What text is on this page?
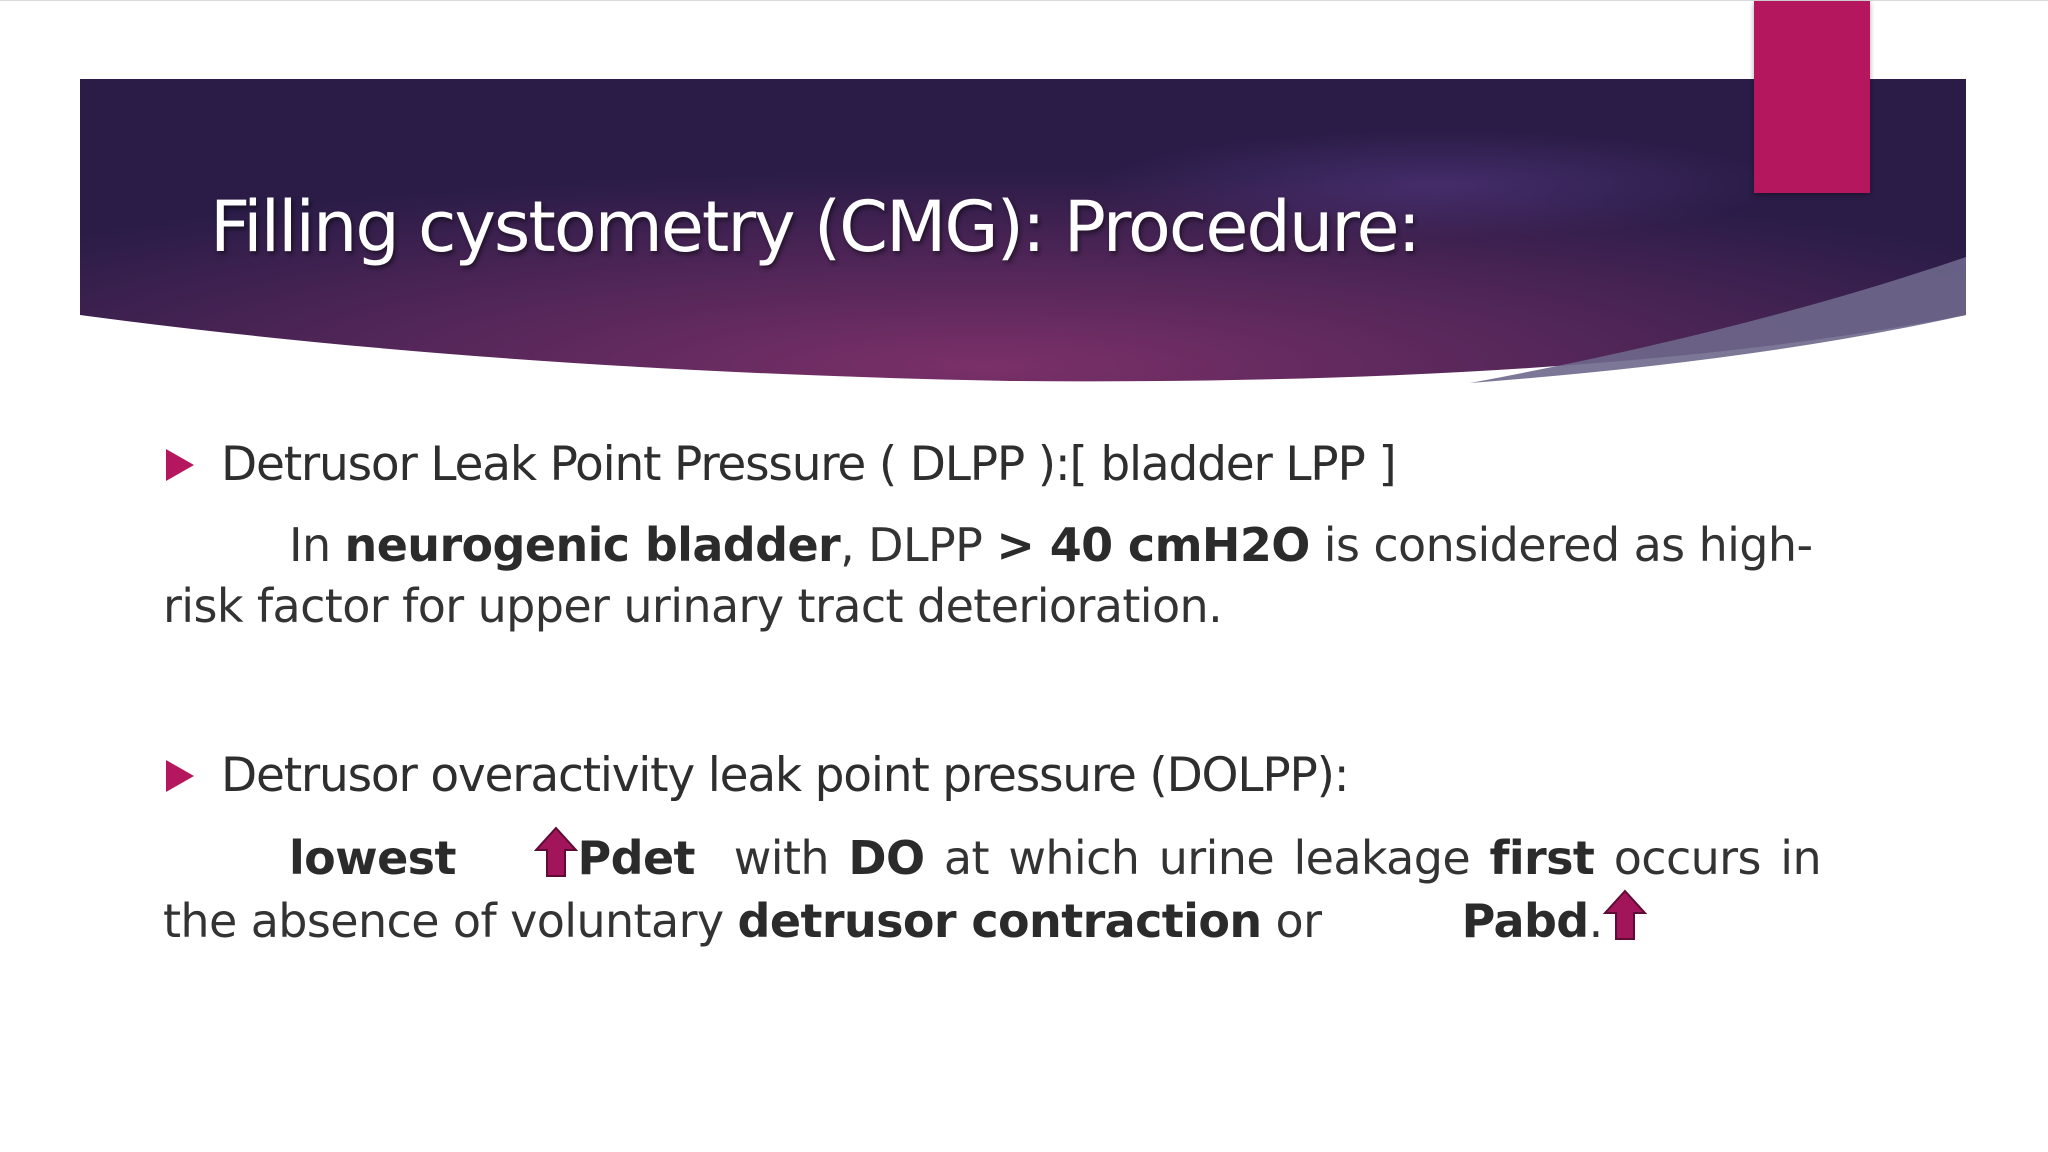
Filling cystometry (CMG): Procedure:
Detrusor Leak Point Pressure ( DLPP ):[ bladder LPP ]

In neurogenic bladder, DLPP > 40 cmH2O is considered as high-risk factor for upper urinary tract deterioration.

Detrusor overactivity leak point pressure (DOLPP):

lowest	Pdet  with DO at which urine leakage first occurs in the absence of voluntary detrusor contraction or	Pabd.
